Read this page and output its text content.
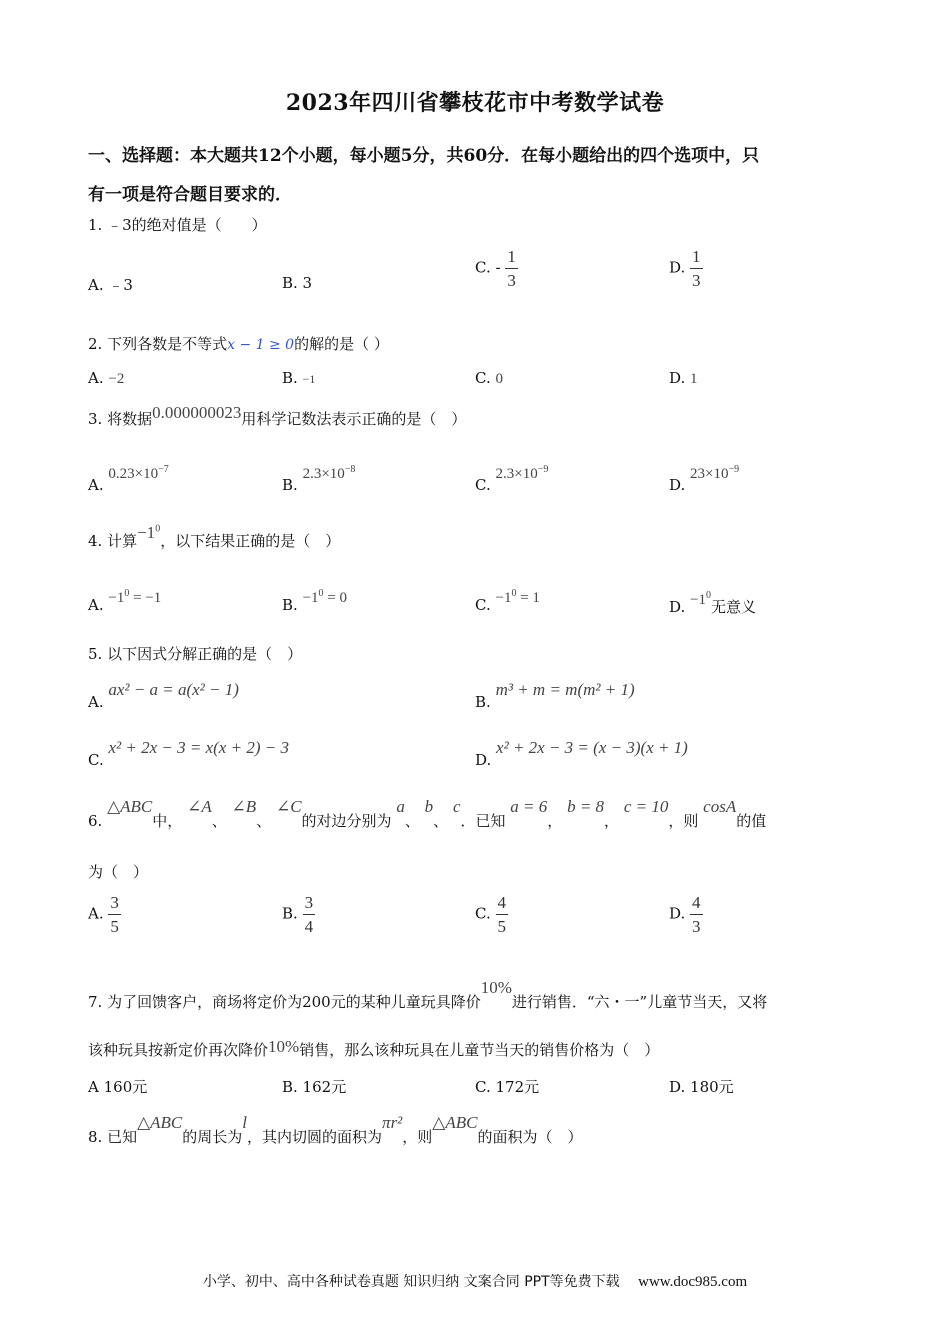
2023年四川省攀枝花市中考数学试卷
一、选择题：本大题共12个小题，每小题5分，共60分．在每小题给出的四个选项中，只
有一项是符合题目要求的．
1. ﹣3的绝对值是（　　）
A. ﹣3	B. 3
C. - $\frac{1}{3}$	D. $\frac{1}{3}$
2. 下列各数是不等式x − 1 ≥ 0的解的是（ ）
A. −2	B. −1	C. 0	D. 1
3. 将数据0.000000023用科学记数法表示正确的是（　）
A. $0.23\times 10^{-7}$
B. $2.3\times 10^{-8}$
C. $2.3\times 10^{-9}$
D. $23\times 10^{-9}$
4. 计算$-1^0$，以下结果正确的是（　）
A. $-1^0 = -1$	B. $-1^0 = 0$	C. $-1^0 = 1$	D. $-1^0$无意义
5. 以下因式分解正确的是（　）
A. ax² − a = a(x² − 1)
B. m³ + m = m(m² + 1)
C. x² + 2x − 3 = x(x + 2) − 3
D. x² + 2x − 3 = (x − 3)(x + 1)
6. △ABC中， ∠A、 ∠B、 ∠C的对边分别为 a、 b、 c．已知 a = 6， b = 8， c = 10，则 cosA的值
为（　）
A. $\frac{3}{5}$	B. $\frac{3}{4}$	C. $\frac{4}{5}$	D. $\frac{4}{3}$
7. 为了回馈客户，商场将定价为200元的某种儿童玩具降价10%进行销售．“六・一”儿童节当天，又将
该种玩具按新定价再次降价10%销售，那么该种玩具在儿童节当天的销售价格为（　）
A 160元	B. 162元	C. 172元	D. 180元
8. 已知△ABC的周长为l，其内切圆的面积为πr²，则△ABC的面积为（　）
小学、初中、高中各种试卷真题 知识归纳 文案合同 PPT等免费下载 www.doc985.com
